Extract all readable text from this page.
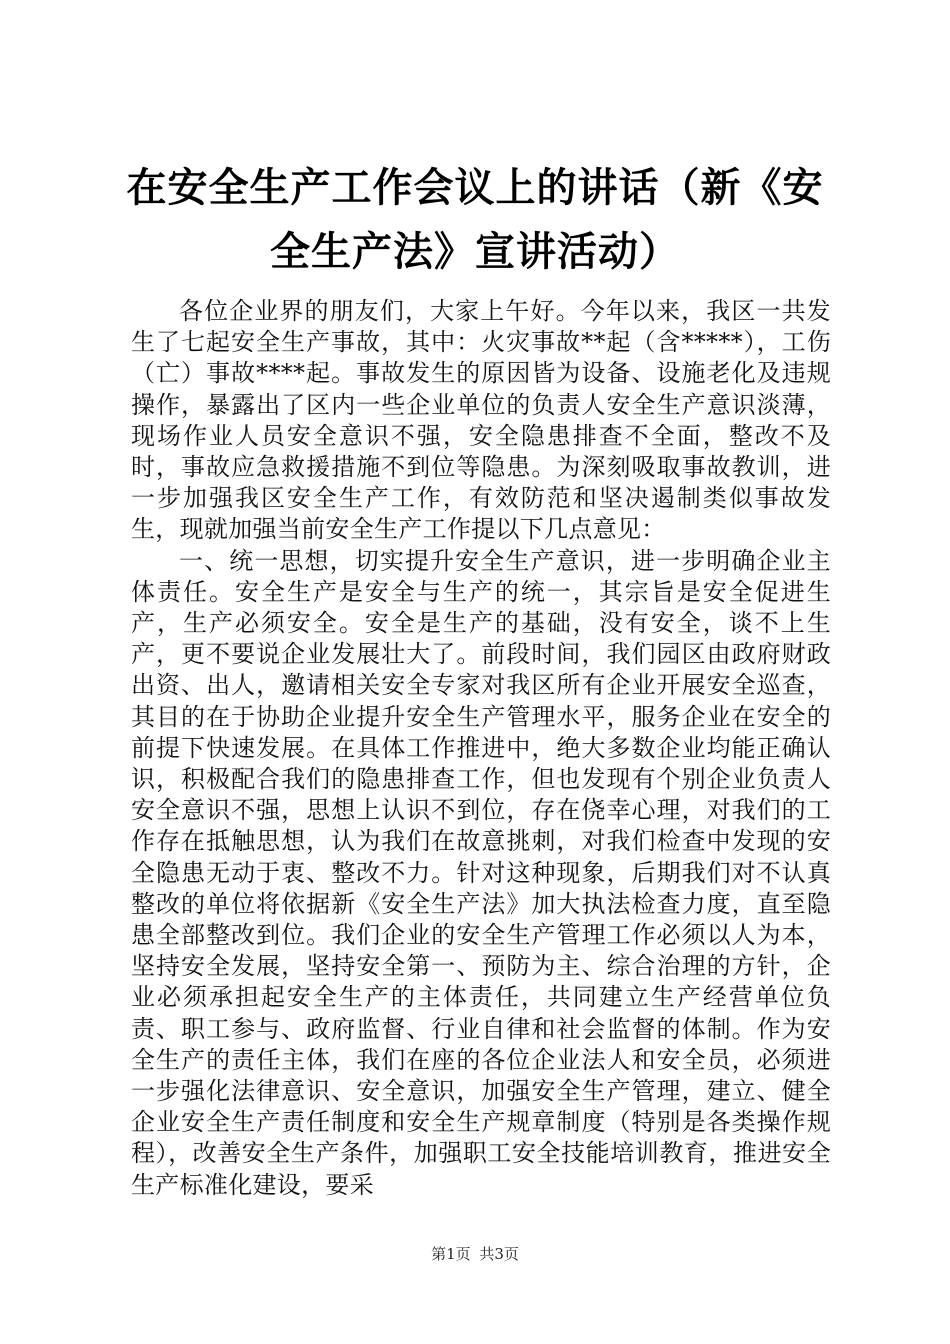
在安全生产工作会议上的讲话（新《安全生产法》宣讲活动）

各位企业界的朋友们，大家上午好。今年以来，我区一共发生了七起安全生产事故，其中：火灾事故**起（含*****），工伤（亡）事故****起。事故发生的原因皆为设备、设施老化及违规操作，暴露出了区内一些企业单位的负责人安全生产意识淡薄，现场作业人员安全意识不强，安全隐患排查不全面，整改不及时，事故应急救援措施不到位等隐患。为深刻吸取事故教训，进一步加强我区安全生产工作，有效防范和坚决遏制类似事故发生，现就加强当前安全生产工作提以下几点意见：

一、统一思想，切实提升安全生产意识，进一步明确企业主体责任。安全生产是安全与生产的统一，其宗旨是安全促进生产，生产必须安全。安全是生产的基础，没有安全，谈不上生产，更不要说企业发展壮大了。前段时间，我们园区由政府财政出资、出人，邀请相关安全专家对我区所有企业开展安全巡查，其目的在于协助企业提升安全生产管理水平，服务企业在安全的前提下快速发展。在具体工作推进中，绝大多数企业均能正确认识，积极配合我们的隐患排查工作，但也发现有个别企业负责人安全意识不强，思想上认识不到位，存在侥幸心理，对我们的工作存在抵触思想，认为我们在故意挑刺，对我们检查中发现的安全隐患无动于衷、整改不力。针对这种现象，后期我们对不认真整改的单位将依据新《安全生产法》加大执法检查力度，直至隐患全部整改到位。我们企业的安全生产管理工作必须以人为本，坚持安全发展，坚持安全第一、预防为主、综合治理的方针，企业必须承担起安全生产的主体责任，共同建立生产经营单位负责、职工参与、政府监督、行业自律和社会监督的体制。作为安全生产的责任主体，我们在座的各位企业法人和安全员，必须进一步强化法律意识、安全意识，加强安全生产管理，建立、健全企业安全生产责任制度和安全生产规章制度（特别是各类操作规程），改善安全生产条件，加强职工安全技能培训教育，推进安全生产标准化建设，要采

第1页 共3页
